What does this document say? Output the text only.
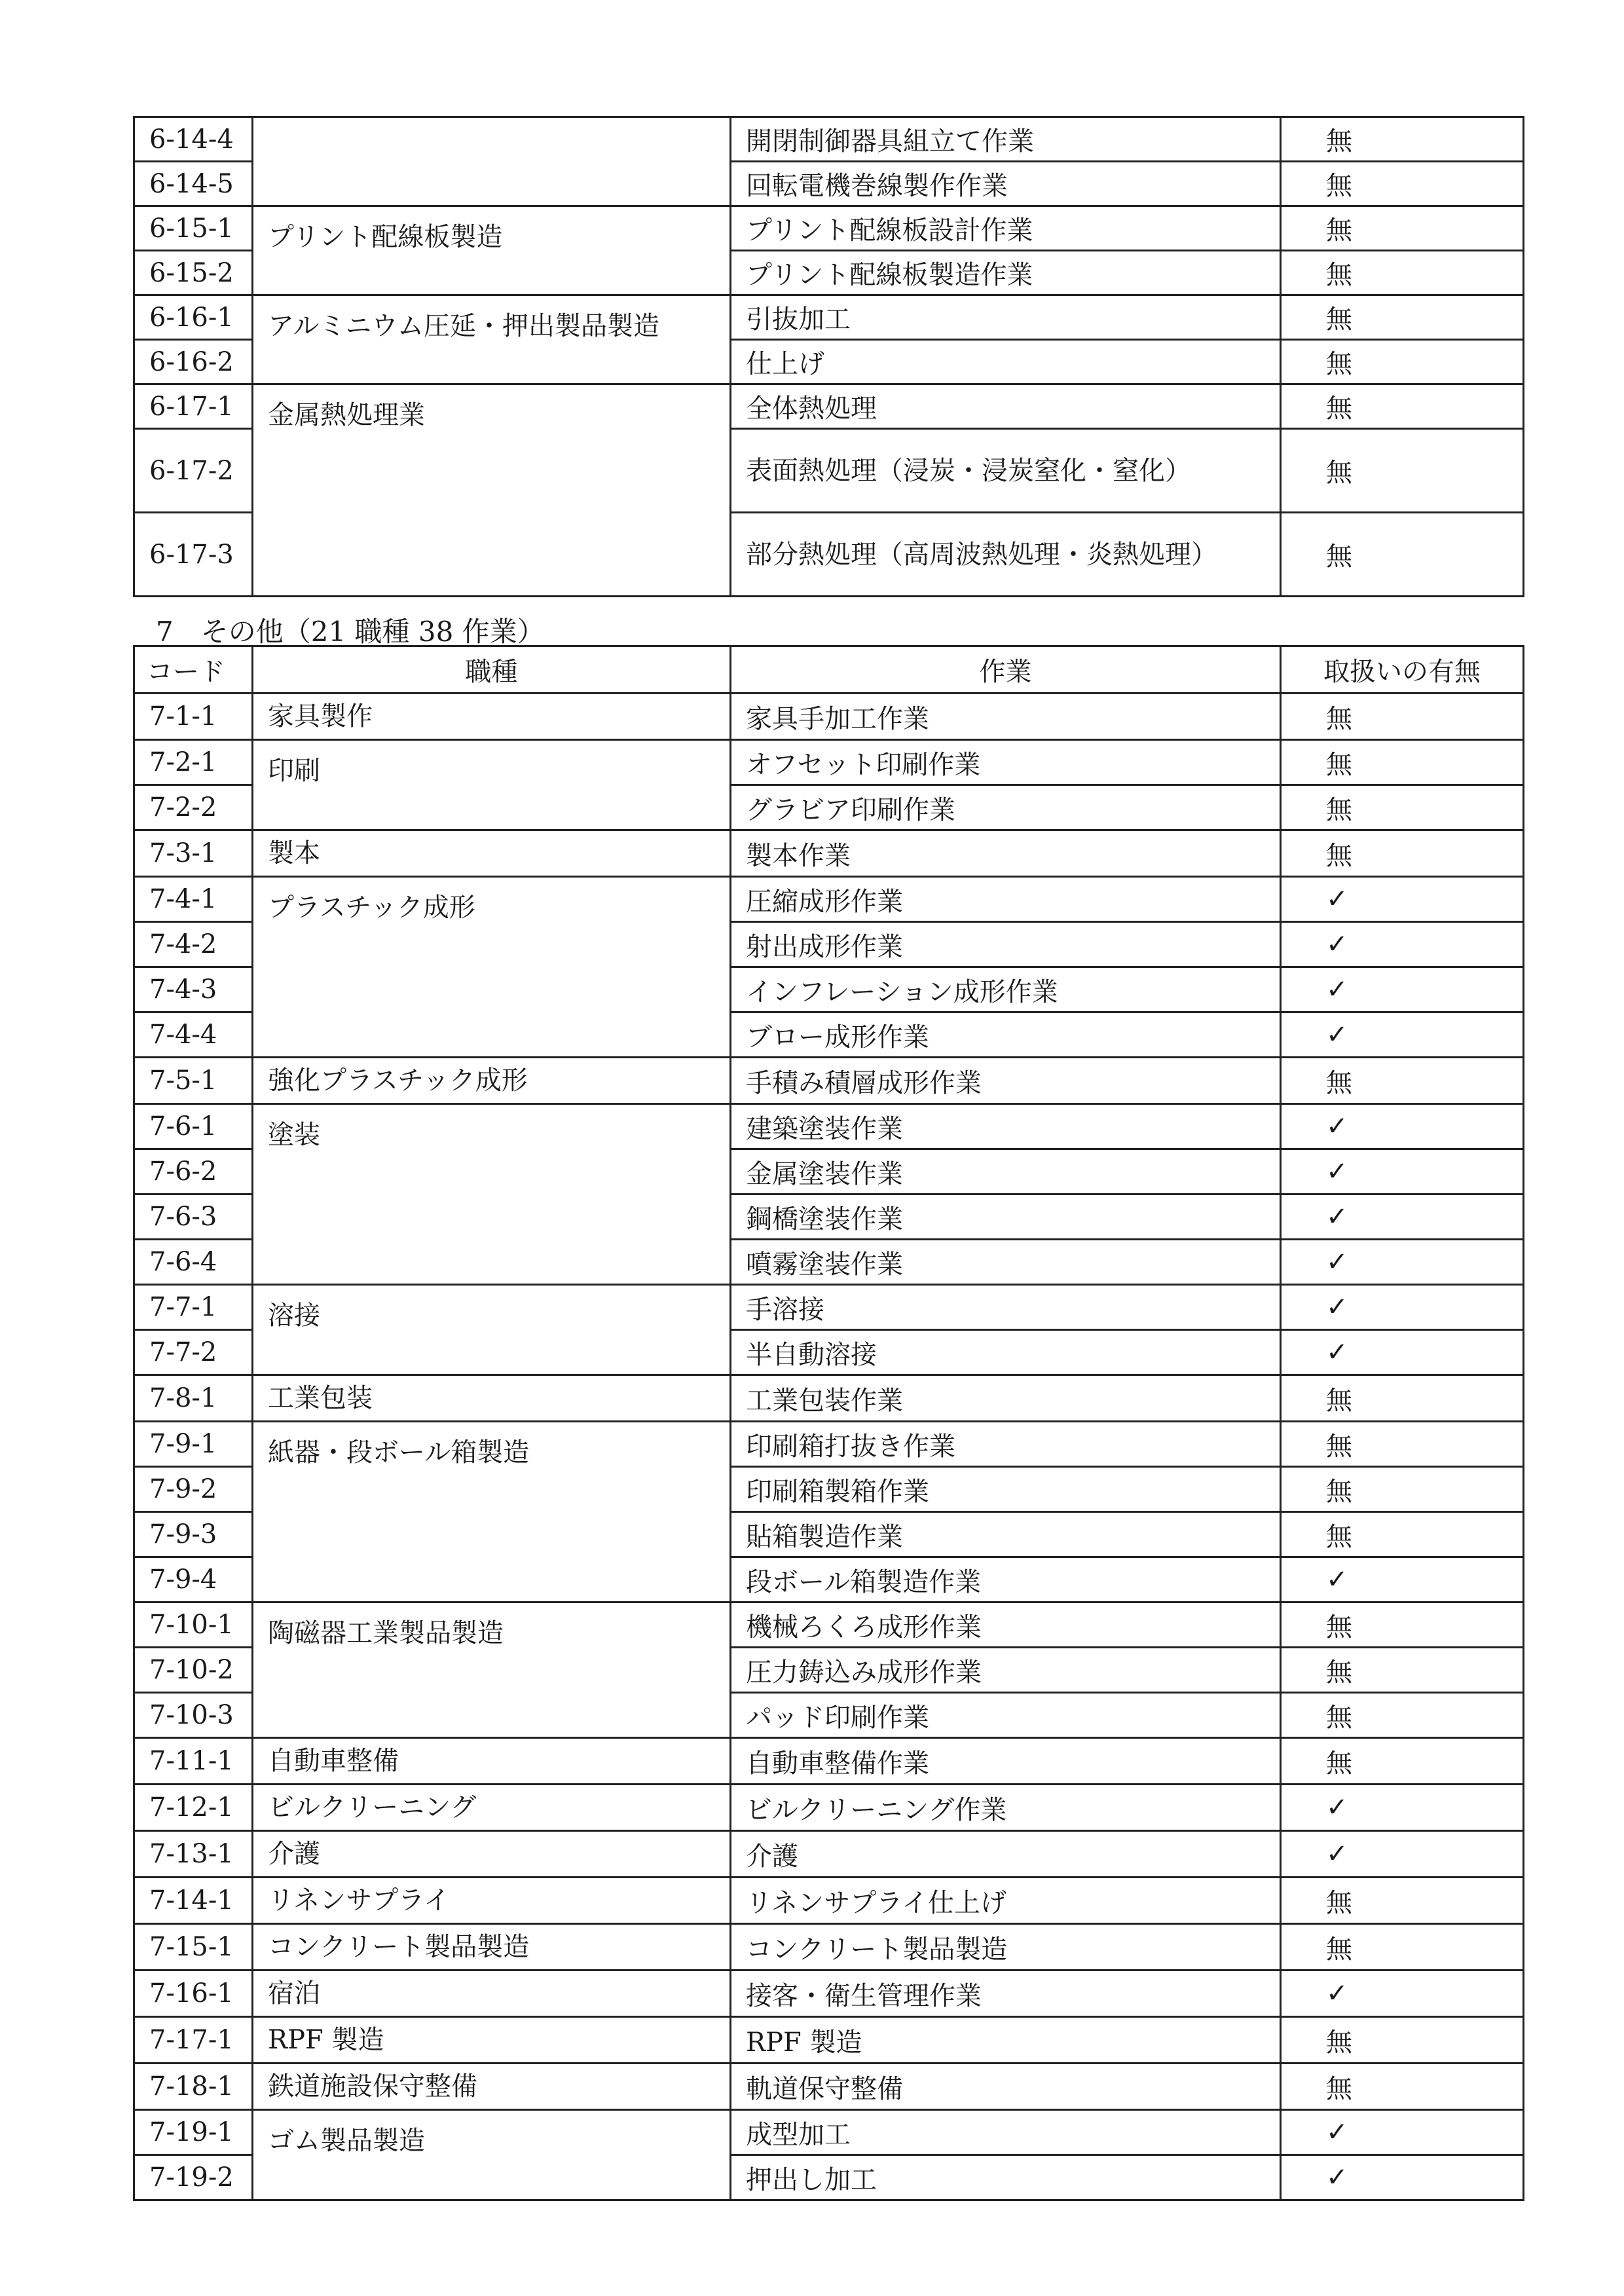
6-14-4		開閉制御器具組立て作業	無
6-14-5		回転電機巻線製作作業	無
6-15-1	プリント配線板製造	プリント配線板設計作業	無
6-15-2		プリント配線板製造作業	無
6-16-1	アルミニウム圧延・押出製品製造	引抜加工	無
6-16-2		仕上げ	無
6-17-1	金属熱処理業	全体熱処理	無
6-17-2		表面熱処理（浸炭・浸炭窒化・窒化）	無
6-17-3		部分熱処理（高周波熱処理・炎熱処理）	無
7　その他（21 職種 38 作業）
コード	職種	作業	取扱いの有無
7-1-1	家具製作	家具手加工作業	無
7-2-1	印刷	オフセット印刷作業	無
7-2-2		グラビア印刷作業	無
7-3-1	製本	製本作業	無
7-4-1	プラスチック成形	圧縮成形作業	✓
7-4-2		射出成形作業	✓
7-4-3		インフレーション成形作業	✓
7-4-4		ブロー成形作業	✓
7-5-1	強化プラスチック成形	手積み積層成形作業	無
7-6-1	塗装	建築塗装作業	✓
7-6-2		金属塗装作業	✓
7-6-3		鋼橋塗装作業	✓
7-6-4		噴霧塗装作業	✓
7-7-1	溶接	手溶接	✓
7-7-2		半自動溶接	✓
7-8-1	工業包装	工業包装作業	無
7-9-1	紙器・段ボール箱製造	印刷箱打抜き作業	無
7-9-2		印刷箱製箱作業	無
7-9-3		貼箱製造作業	無
7-9-4		段ボール箱製造作業	✓
7-10-1	陶磁器工業製品製造	機械ろくろ成形作業	無
7-10-2		圧力鋳込み成形作業	無
7-10-3		パッド印刷作業	無
7-11-1	自動車整備	自動車整備作業	無
7-12-1	ビルクリーニング	ビルクリーニング作業	✓
7-13-1	介護	介護	✓
7-14-1	リネンサプライ	リネンサプライ仕上げ	無
7-15-1	コンクリート製品製造	コンクリート製品製造	無
7-16-1	宿泊	接客・衛生管理作業	✓
7-17-1	RPF 製造	RPF 製造	無
7-18-1	鉄道施設保守整備	軌道保守整備	無
7-19-1	ゴム製品製造	成型加工	✓
7-19-2		押出し加工	✓
